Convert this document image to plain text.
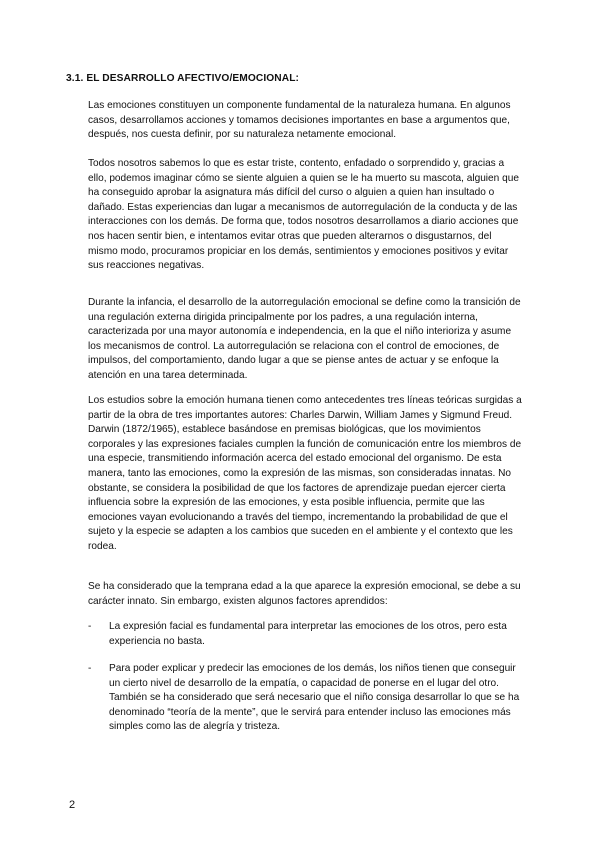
3.1. EL DESARROLLO AFECTIVO/EMOCIONAL:

Las emociones constituyen un componente fundamental de la naturaleza humana. En algunos casos, desarrollamos acciones y tomamos decisiones importantes en base a argumentos que, después, nos cuesta definir, por su naturaleza netamente emocional.

Todos nosotros sabemos lo que es estar triste, contento, enfadado o sorprendido y, gracias a ello, podemos imaginar cómo se siente alguien a quien se le ha muerto su mascota, alguien que ha conseguido aprobar la asignatura más difícil del curso o alguien a quien han insultado o dañado. Estas experiencias dan lugar a mecanismos de autorregulación de la conducta y de las interacciones con los demás. De forma que, todos nosotros desarrollamos a diario acciones que nos hacen sentir bien, e intentamos evitar otras que pueden alterarnos o disgustarnos, del mismo modo, procuramos propiciar en los demás, sentimientos y emociones positivos y evitar sus reacciones negativas.

Durante la infancia, el desarrollo de la autorregulación emocional se define como la transición de una regulación externa dirigida principalmente por los padres, a una regulación interna, caracterizada por una mayor autonomía e independencia, en la que el niño interioriza y asume los mecanismos de control. La autorregulación se relaciona con el control de emociones, de impulsos, del comportamiento, dando lugar a que se piense antes de actuar y se enfoque la atención en una tarea determinada.

Los estudios sobre la emoción humana tienen como antecedentes tres líneas teóricas surgidas a partir de la obra de tres importantes autores: Charles Darwin, William James y Sigmund Freud. Darwin (1872/1965), establece basándose en premisas biológicas, que los movimientos corporales y las expresiones faciales cumplen la función de comunicación entre los miembros de una especie, transmitiendo información acerca del estado emocional del organismo. De esta manera, tanto las emociones, como la expresión de las mismas, son consideradas innatas. No obstante, se considera la posibilidad de que los factores de aprendizaje puedan ejercer cierta influencia sobre la expresión de las emociones, y esta posible influencia, permite que las emociones vayan evolucionando a través del tiempo, incrementando la probabilidad de que el sujeto y la especie se adapten a los cambios que suceden en el ambiente y el contexto que les rodea.

Se ha considerado que la temprana edad a la que aparece la expresión emocional, se debe a su carácter innato. Sin embargo, existen algunos factores aprendidos:

- La expresión facial es fundamental para interpretar las emociones de los otros, pero esta experiencia no basta.
- Para poder explicar y predecir las emociones de los demás, los niños tienen que conseguir un cierto nivel de desarrollo de la empatía, o capacidad de ponerse en el lugar del otro. También se ha considerado que será necesario que el niño consiga desarrollar lo que se ha denominado “teoría de la mente”, que le servirá para entender incluso las emociones más simples como las de alegría y tristeza.
2
